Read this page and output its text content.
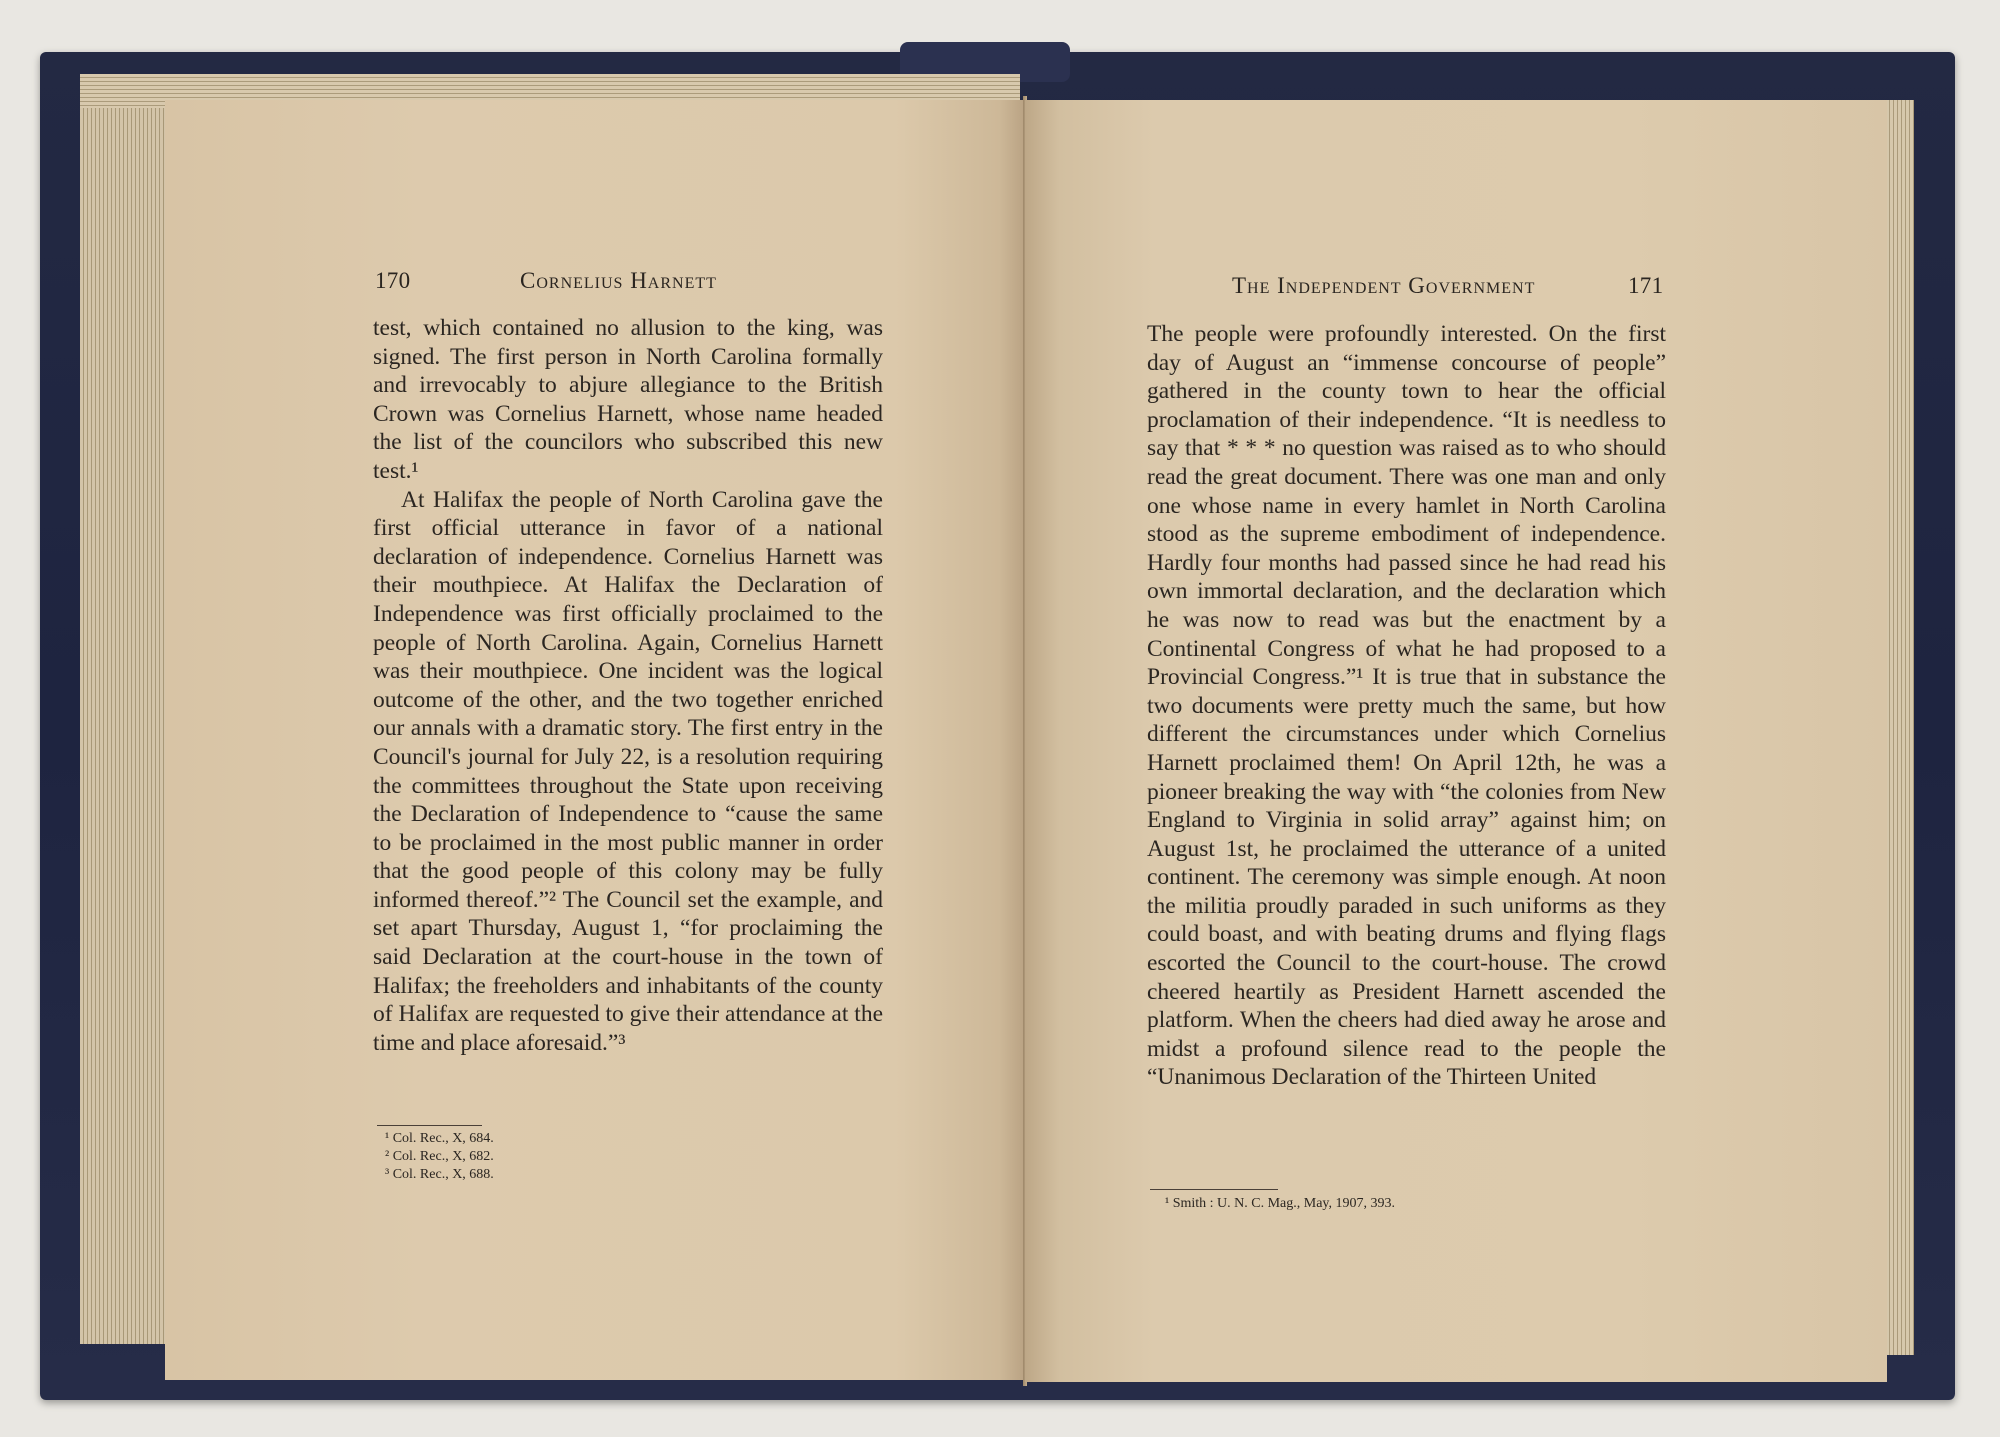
170	Cornelius Harnett

test, which contained no allusion to the king, was signed. The first person in North Carolina formally and irrevocably to abjure allegiance to the British Crown was Cornelius Harnett, whose name headed the list of the councilors who subscribed this new test.¹

At Halifax the people of North Carolina gave the first official utterance in favor of a national declaration of independence. Cornelius Harnett was their mouthpiece. At Halifax the Declaration of Independence was first officially proclaimed to the people of North Carolina. Again, Cornelius Harnett was their mouthpiece. One incident was the logical outcome of the other, and the two together enriched our annals with a dramatic story. The first entry in the Council's journal for July 22, is a resolution requiring the committees throughout the State upon receiving the Declaration of Independence to “cause the same to be proclaimed in the most public manner in order that the good people of this colony may be fully informed thereof.”² The Council set the example, and set apart Thursday, August 1, “for proclaiming the said Declaration at the court-house in the town of Halifax; the freeholders and inhabitants of the county of Halifax are requested to give their attendance at the time and place aforesaid.”³

¹ Col. Rec., X, 684.
² Col. Rec., X, 682.
³ Col. Rec., X, 688.
The Independent Government	171

The people were profoundly interested. On the first day of August an “immense concourse of people” gathered in the county town to hear the official proclamation of their independence. “It is needless to say that * * * no question was raised as to who should read the great document. There was one man and only one whose name in every hamlet in North Carolina stood as the supreme embodiment of independence. Hardly four months had passed since he had read his own immortal declaration, and the declaration which he was now to read was but the enactment by a Continental Congress of what he had proposed to a Provincial Congress.”¹ It is true that in substance the two documents were pretty much the same, but how different the circumstances under which Cornelius Harnett proclaimed them! On April 12th, he was a pioneer breaking the way with “the colonies from New England to Virginia in solid array” against him; on August 1st, he proclaimed the utterance of a united continent. The ceremony was simple enough. At noon the militia proudly paraded in such uniforms as they could boast, and with beating drums and flying flags escorted the Council to the court-house. The crowd cheered heartily as President Harnett ascended the platform. When the cheers had died away he arose and midst a profound silence read to the people the “Unanimous Declaration of the Thirteen United

¹ Smith : U. N. C. Mag., May, 1907, 393.
